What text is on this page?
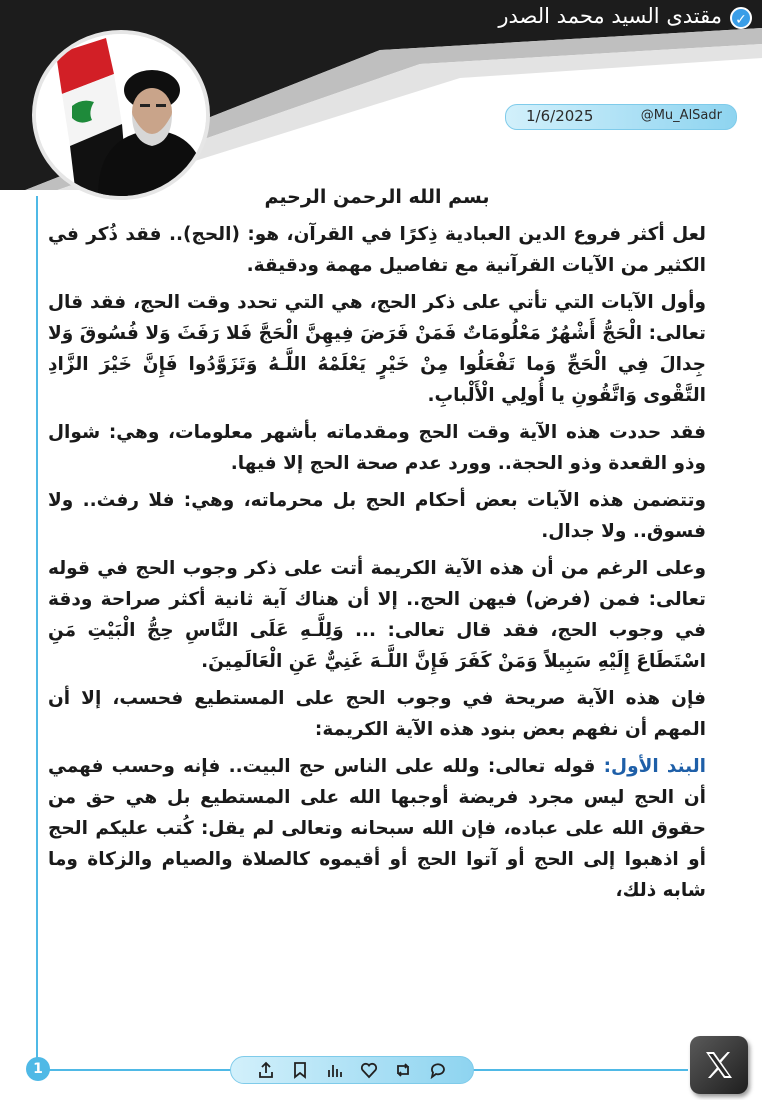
مقتدى السيد محمد الصدر ✓
1/6/2025	@Mu_AlSadr

بسم الله الرحمن الرحيم

لعل أكثر فروع الدين العبادية ذِكرًا في القرآن، هو: (الحج).. فقد ذُكر في الكثير من الآيات القرآنية مع تفاصيل مهمة ودقيقة.

وأول الآيات التي تأتي على ذكر الحج، هي التي تحدد وقت الحج، فقد قال تعالى: الْحَجُّ أَشْهُرٌ مَعْلُومَاتٌ فَمَنْ فَرَضَ فِيهِنَّ الْحَجَّ فَلا رَفَثَ وَلا فُسُوقَ وَلا جِدالَ فِي الْحَجِّ وَما تَفْعَلُوا مِنْ خَيْرٍ يَعْلَمْهُ اللَّـهُ وَتَزَوَّدُوا فَإِنَّ خَيْرَ الزَّادِ التَّقْوى وَاتَّقُونِ يا أُولِي الْأَلْبابِ.

فقد حددت هذه الآية وقت الحج ومقدماته بأشهر معلومات، وهي: شوال وذو القعدة وذو الحجة.. وورد عدم صحة الحج إلا فيها.

وتتضمن هذه الآيات بعض أحكام الحج بل محرماته، وهي: فلا رفث.. ولا فسوق.. ولا جدال.

وعلى الرغم من أن هذه الآية الكريمة أتت على ذكر وجوب الحج في قوله تعالى: فمن (فرض) فيهن الحج.. إلا أن هناك آية ثانية أكثر صراحة ودقة في وجوب الحج، فقد قال تعالى: ... وَلِلَّـهِ عَلَى النَّاسِ حِجُّ الْبَيْتِ مَنِ اسْتَطَاعَ إِلَيْهِ سَبِيلاً وَمَنْ كَفَرَ فَإِنَّ اللَّـهَ غَنِيٌّ عَنِ الْعَالَمِينَ.

فإن هذه الآية صريحة في وجوب الحج على المستطيع فحسب، إلا أن المهم أن نفهم بعض بنود هذه الآية الكريمة:

البند الأول: قوله تعالى: ولله على الناس حج البيت.. فإنه وحسب فهمي أن الحج ليس مجرد فريضة أوجبها الله على المستطيع بل هي حق من حقوق الله على عباده، فإن الله سبحانه وتعالى لم يقل: كُتب عليكم الحج أو اذهبوا إلى الحج أو آتوا الحج أو أقيموه كالصلاة والصيام والزكاة وما شابه ذلك،

1
